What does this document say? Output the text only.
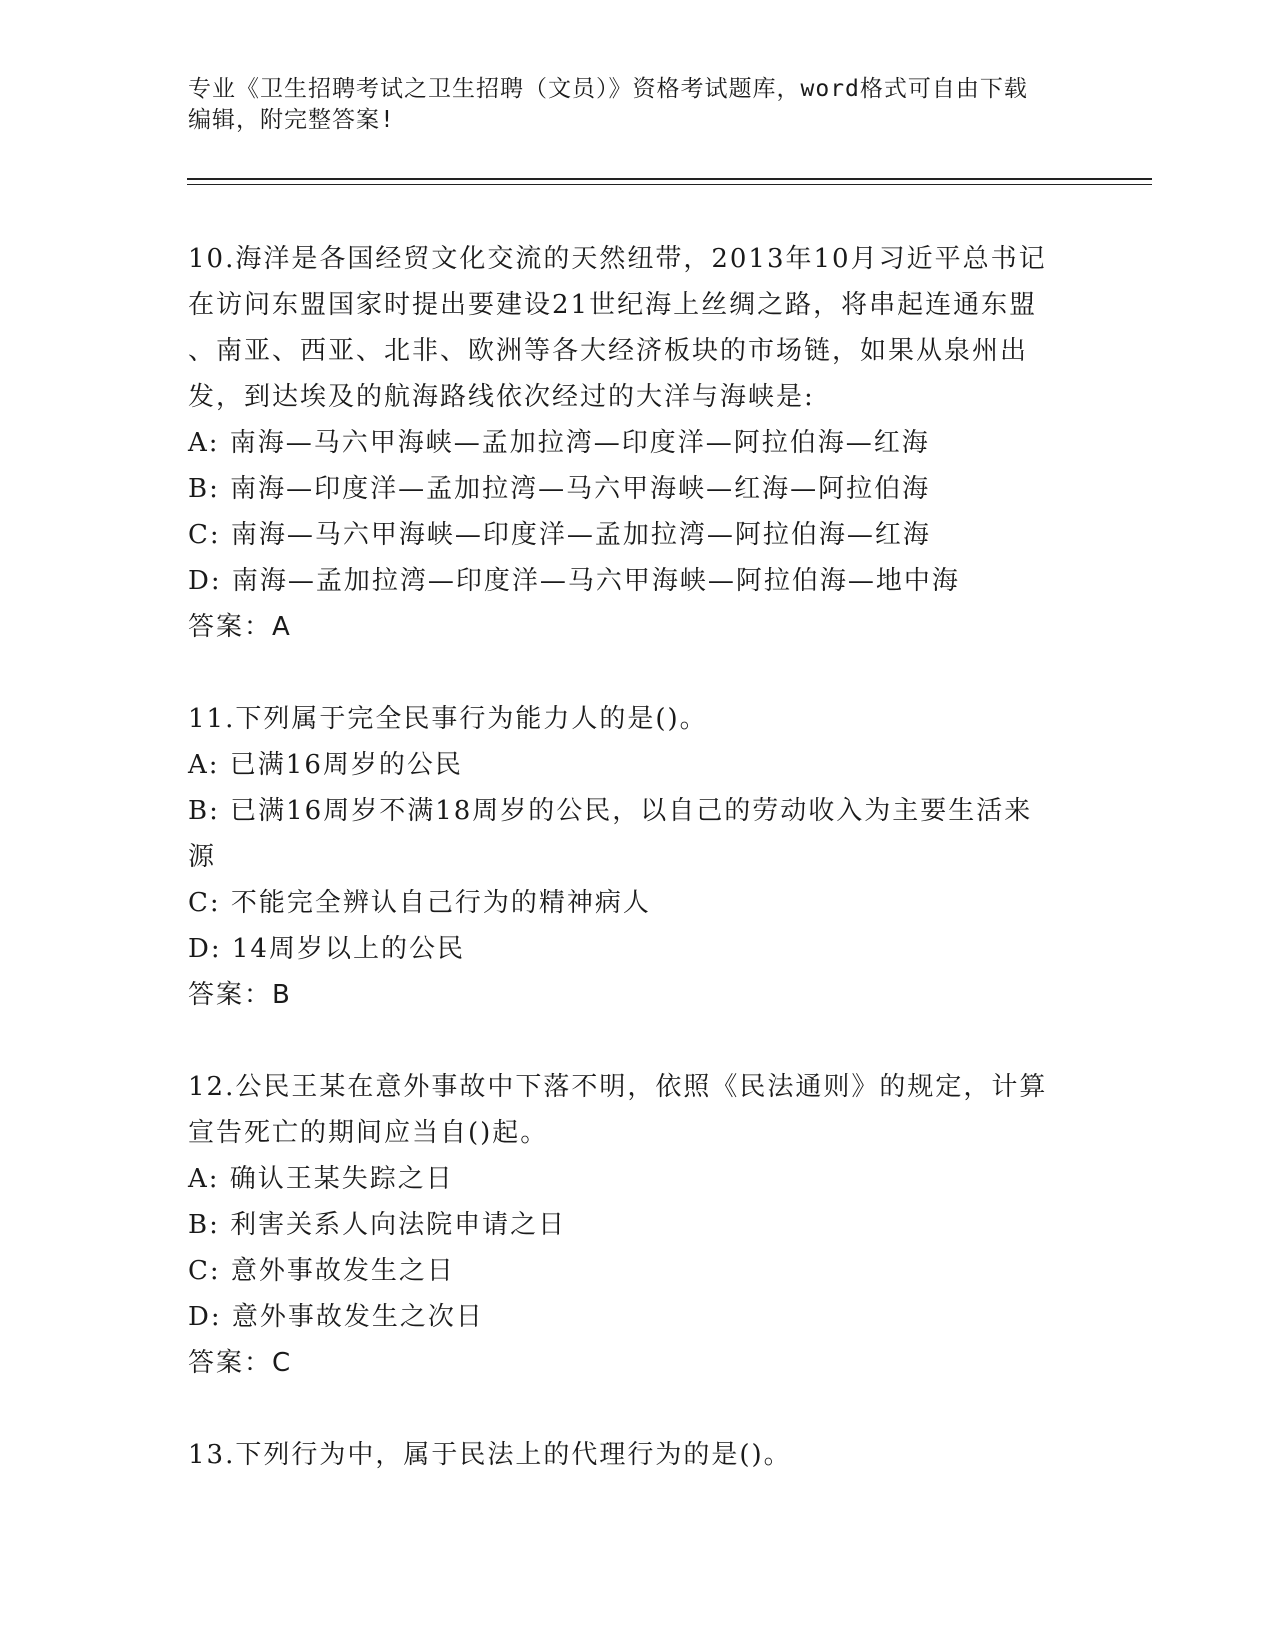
专业《卫生招聘考试之卫生招聘（文员）》资格考试题库，word格式可自由下载
编辑，附完整答案!
10.海洋是各国经贸文化交流的天然纽带，2013年10月习近平总书记
在访问东盟国家时提出要建设21世纪海上丝绸之路，将串起连通东盟
、南亚、西亚、北非、欧洲等各大经济板块的市场链，如果从泉州出
发，到达埃及的航海路线依次经过的大洋与海峡是:
A: 南海—马六甲海峡—孟加拉湾—印度洋—阿拉伯海—红海
B: 南海—印度洋—孟加拉湾—马六甲海峡—红海—阿拉伯海
C: 南海—马六甲海峡—印度洋—孟加拉湾—阿拉伯海—红海
D: 南海—孟加拉湾—印度洋—马六甲海峡—阿拉伯海—地中海
答案：A
11.下列属于完全民事行为能力人的是()。
A: 已满16周岁的公民
B: 已满16周岁不满18周岁的公民，以自己的劳动收入为主要生活来
源
C: 不能完全辨认自己行为的精神病人
D: 14周岁以上的公民
答案：B
12.公民王某在意外事故中下落不明，依照《民法通则》的规定，计算
宣告死亡的期间应当自()起。
A: 确认王某失踪之日
B: 利害关系人向法院申请之日
C: 意外事故发生之日
D: 意外事故发生之次日
答案：C
13.下列行为中，属于民法上的代理行为的是()。
